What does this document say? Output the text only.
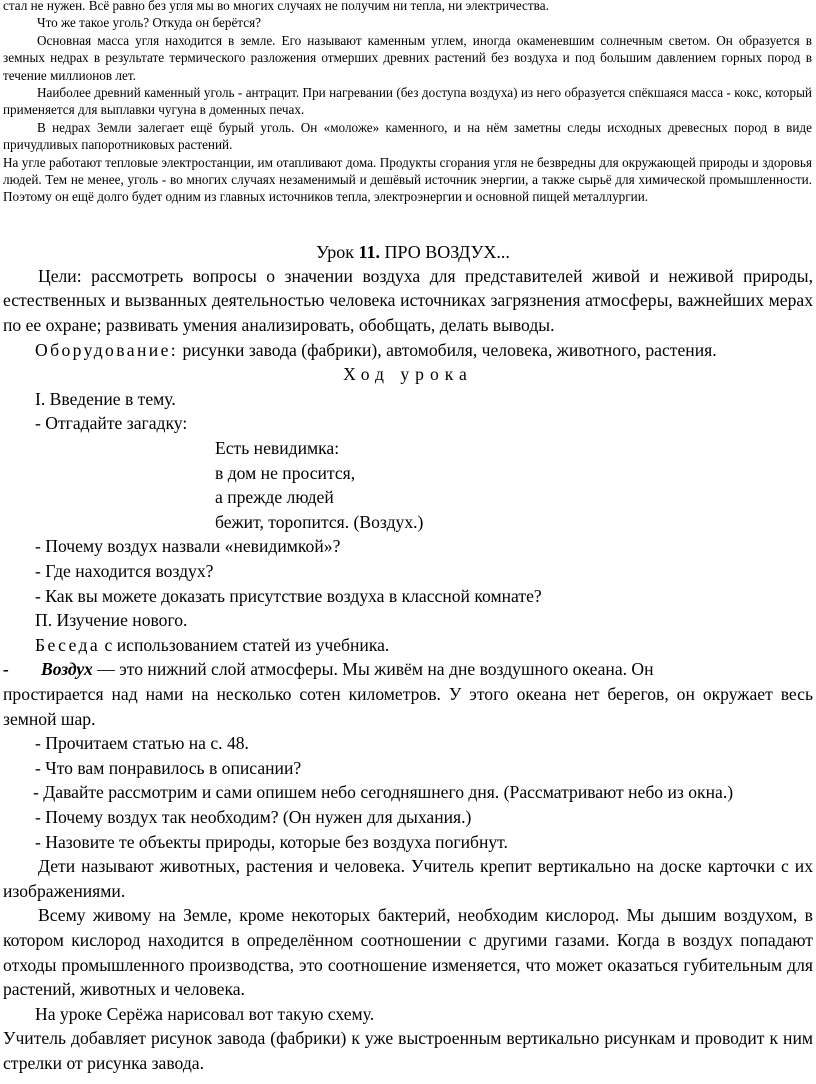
стал не нужен. Всё равно без угля мы во многих случаях не получим ни тепла, ни электричества.

Что же такое уголь? Откуда он берётся?

Основная масса угля находится в земле. Его называют каменным углем, иногда окаменевшим солнечным светом. Он образуется в земных недрах в результате термического разложения отмерших древних растений без воздуха и под большим давлением горных пород в течение миллионов лет.

Наиболее древний каменный уголь - антрацит. При нагревании (без доступа воздуха) из него образуется спёкшаяся масса - кокс, который применяется для выплавки чугуна в доменных печах.

В недрах Земли залегает ещё бурый уголь. Он «моложе» каменного, и на нём заметны следы исходных древесных пород в виде причудливых папоротниковых растений.

На угле работают тепловые электростанции, им отапливают дома. Продукты сгорания угля не безвредны для окружающей природы и здоровья людей. Тем не менее, уголь - во многих случаях незаменимый и дешёвый источник энергии, а также сырьё для химической промышленности. Поэтому он ещё долго будет одним из главных источников тепла, электроэнергии и основной пищей металлургии.

Урок 11. ПРО ВОЗДУХ...

Цели: рассмотреть вопросы о значении воздуха для представителей живой и неживой природы, естественных и вызванных деятельностью человека источниках загрязнения атмосферы, важнейших мерах по ее охране; развивать умения анализировать, обобщать, делать выводы.

Оборудование: рисунки завода (фабрики), автомобиля, человека, животного, растения.
Ход урока
I. Введение в тему.
- Отгадайте загадку:
Есть невидимка:
в дом не просится,
а прежде людей
бежит, торопится. (Воздух.)
- Почему воздух назвали «невидимкой»?
- Где находится воздух?
- Как вы можете доказать присутствие воздуха в классной комнате?
П. Изучение нового.
Беседа с использованием статей из учебника.
-	Воздух — это нижний слой атмосферы. Мы живём на дне воздушного океана. Он

простирается над нами на несколько сотен километров. У этого океана нет берегов, он окружает весь земной шар.

- Прочитаем статью на с. 48.
- Что вам понравилось в описании?
- Давайте рассмотрим и сами опишем небо сегодняшнего дня. (Рассматривают небо из окна.)
- Почему воздух так необходим? (Он нужен для дыхания.)
- Назовите те объекты природы, которые без воздуха погибнут.

Дети называют животных, растения и человека. Учитель крепит вертикально на доске карточки с их изображениями.

Всему живому на Земле, кроме некоторых бактерий, необходим кислород. Мы дышим воздухом, в котором кислород находится в определённом соотношении с другими газами. Когда в воздух попадают отходы промышленного производства, это соотношение изменяется, что может оказаться губительным для растений, животных и человека.

На уроке Серёжа нарисовал вот такую схему.

Учитель добавляет рисунок завода (фабрики) к уже выстроенным вертикально рисункам и проводит к ним стрелки от рисунка завода.
